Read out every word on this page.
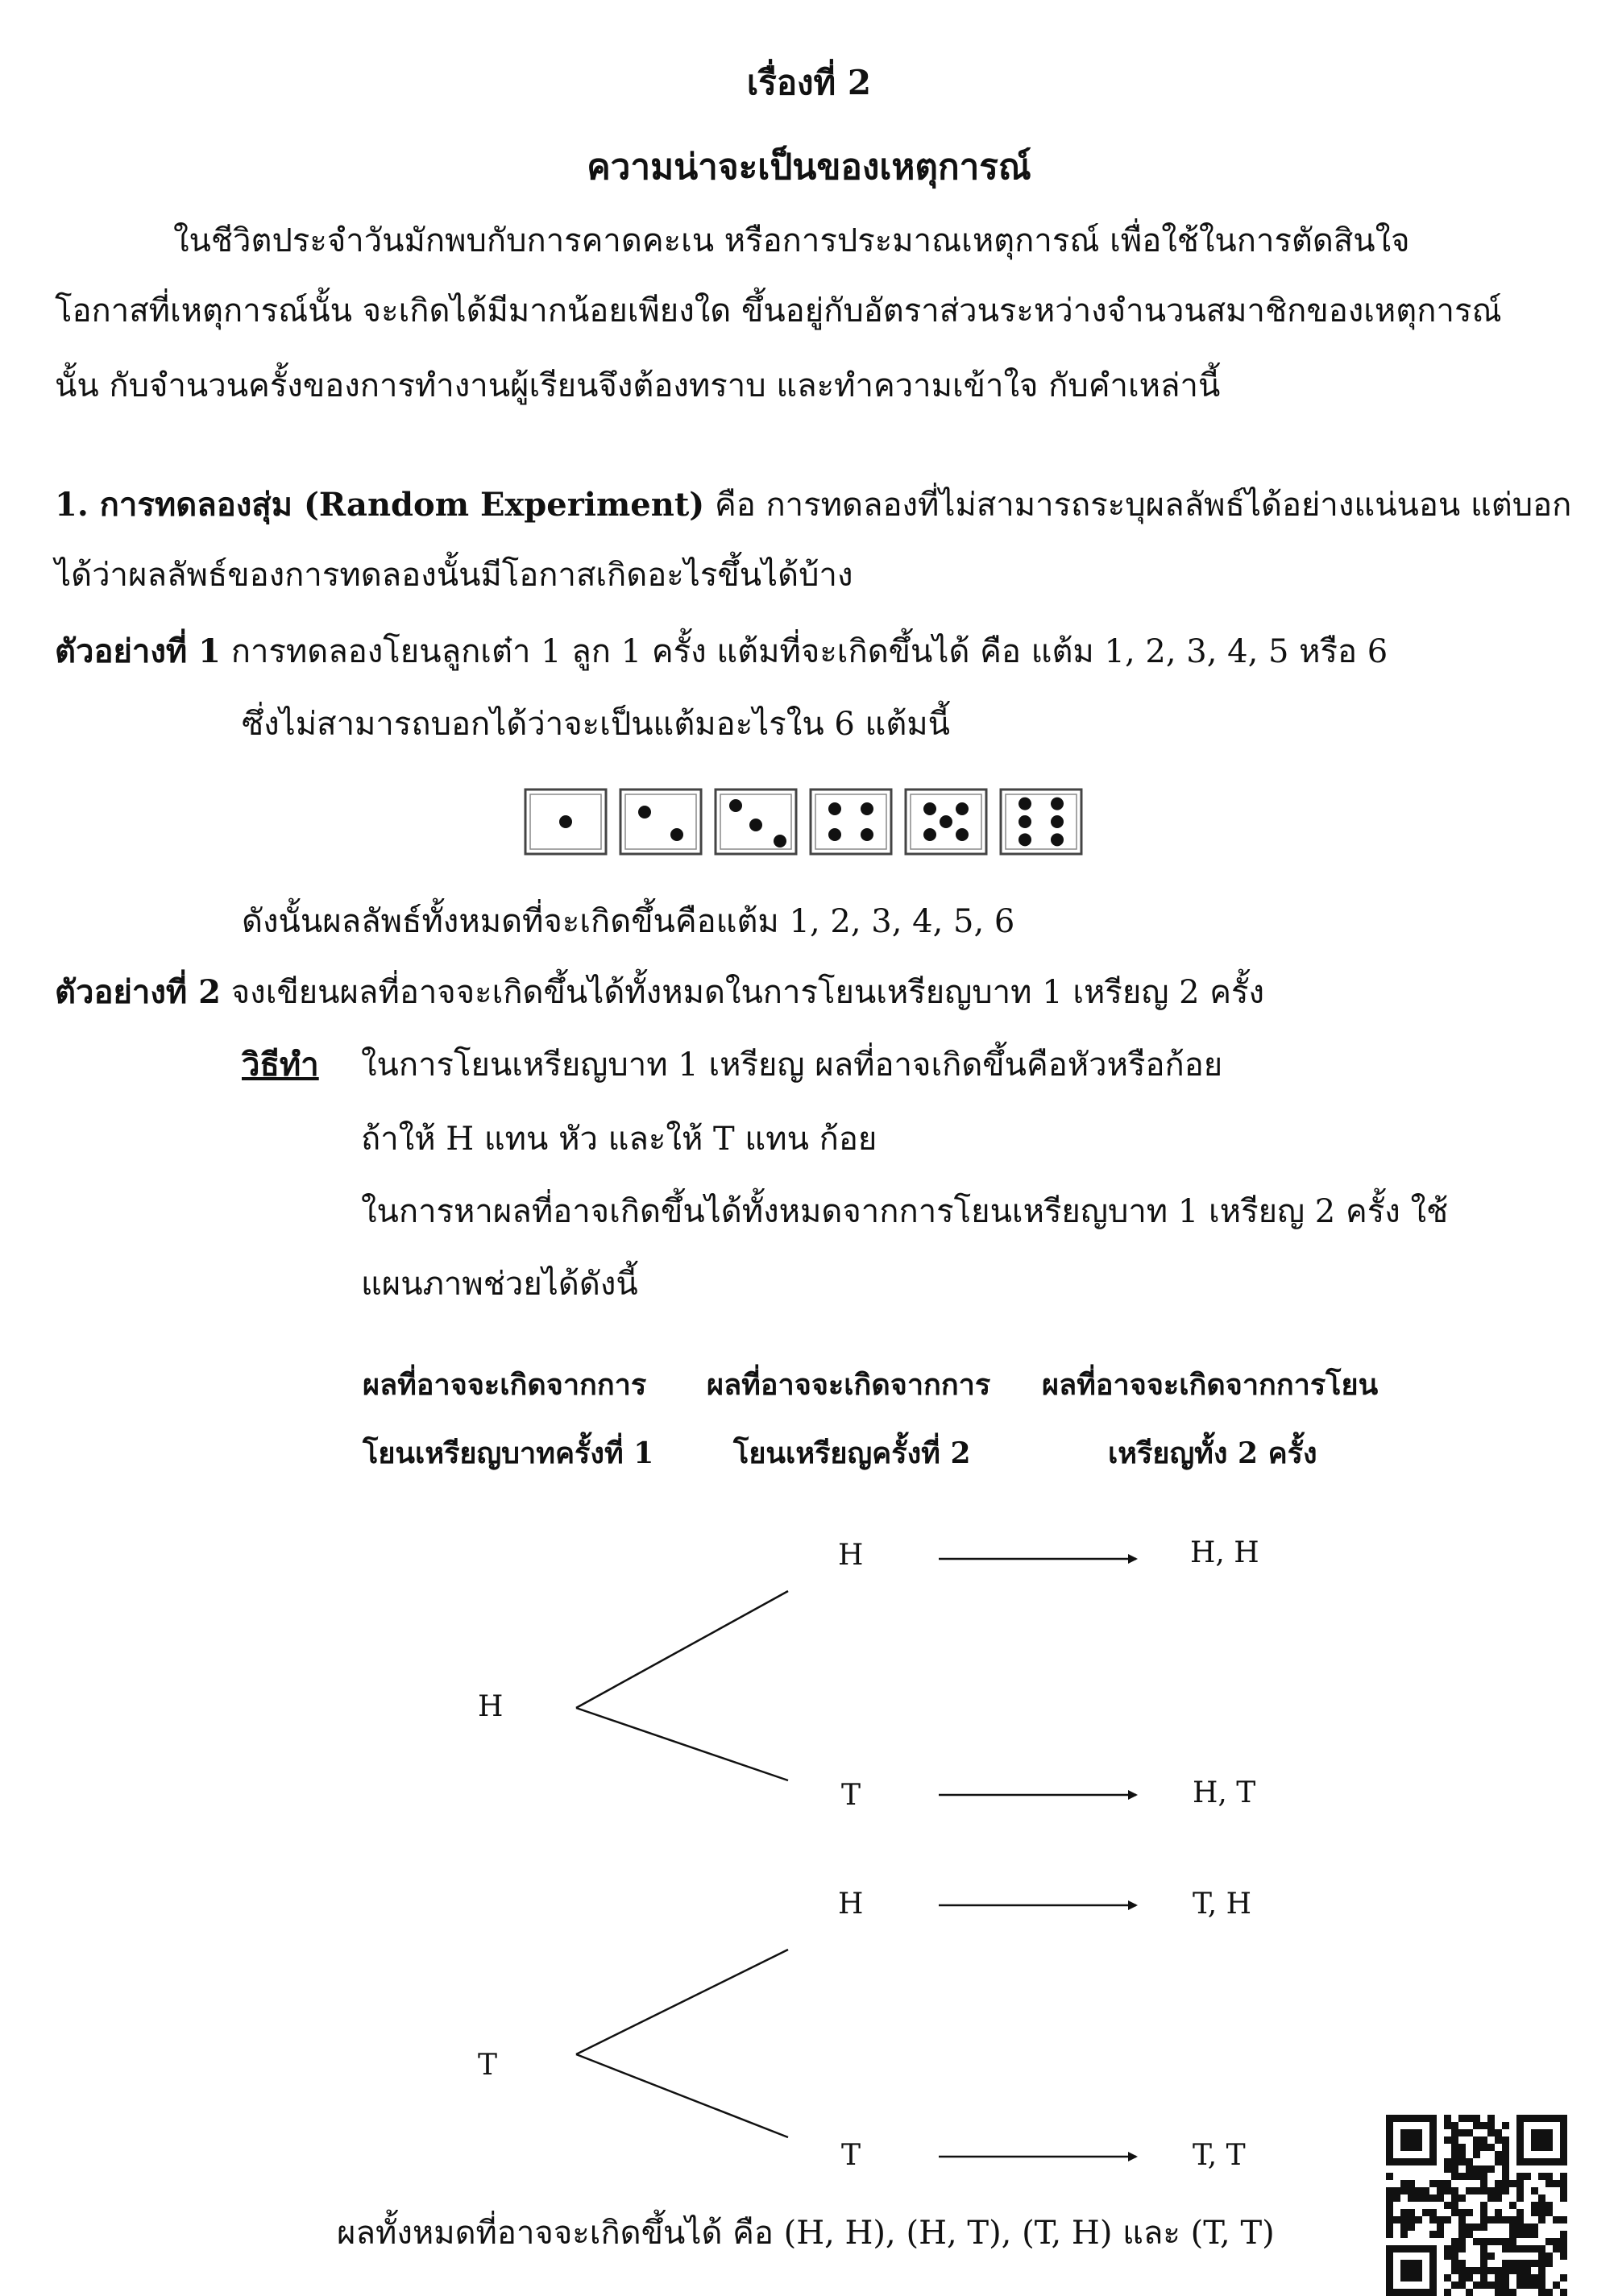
เรื่องที่ 2
ความน่าจะเป็นของเหตุการณ์
ในชีวิตประจำวันมักพบกับการคาดคะเน หรือการประมาณเหตุการณ์ เพื่อใช้ในการตัดสินใจ
โอกาสที่เหตุการณ์นั้น จะเกิดได้มีมากน้อยเพียงใด ขึ้นอยู่กับอัตราส่วนระหว่างจำนวนสมาชิกของเหตุการณ์
นั้น กับจำนวนครั้งของการทำงานผู้เรียนจึงต้องทราบ และทำความเข้าใจ กับคำเหล่านี้
1. การทดลองสุ่ม (Random Experiment) คือ การทดลองที่ไม่สามารถระบุผลลัพธ์ได้อย่างแน่นอน แต่บอก
ได้ว่าผลลัพธ์ของการทดลองนั้นมีโอกาสเกิดอะไรขึ้นได้บ้าง
ตัวอย่างที่ 1 การทดลองโยนลูกเต๋า 1 ลูก 1 ครั้ง แต้มที่จะเกิดขึ้นได้ คือ แต้ม 1, 2, 3, 4, 5 หรือ 6
ซึ่งไม่สามารถบอกได้ว่าจะเป็นแต้มอะไรใน 6 แต้มนี้
ดังนั้นผลลัพธ์ทั้งหมดที่จะเกิดขึ้นคือแต้ม 1, 2, 3, 4, 5, 6
ตัวอย่างที่ 2 จงเขียนผลที่อาจจะเกิดขึ้นได้ทั้งหมดในการโยนเหรียญบาท 1 เหรียญ 2 ครั้ง
วิธีทำ ในการโยนเหรียญบาท 1 เหรียญ ผลที่อาจเกิดขึ้นคือหัวหรือก้อย
ถ้าให้ H แทน หัว และให้ T แทน ก้อย
ในการหาผลที่อาจเกิดขึ้นได้ทั้งหมดจากการโยนเหรียญบาท 1 เหรียญ 2 ครั้ง ใช้
แผนภาพช่วยได้ดังนี้
ผลที่อาจจะเกิดจากการ
โยนเหรียญบาทครั้งที่ 1
ผลที่อาจจะเกิดจากการ
โยนเหรียญครั้งที่ 2
ผลที่อาจจะเกิดจากการโยน
เหรียญทั้ง 2 ครั้ง
H
T
H
T
H
T
H, H
H, T
T, H
T, T
ผลทั้งหมดที่อาจจะเกิดขึ้นได้ คือ (H, H), (H, T), (T, H) และ (T, T)
